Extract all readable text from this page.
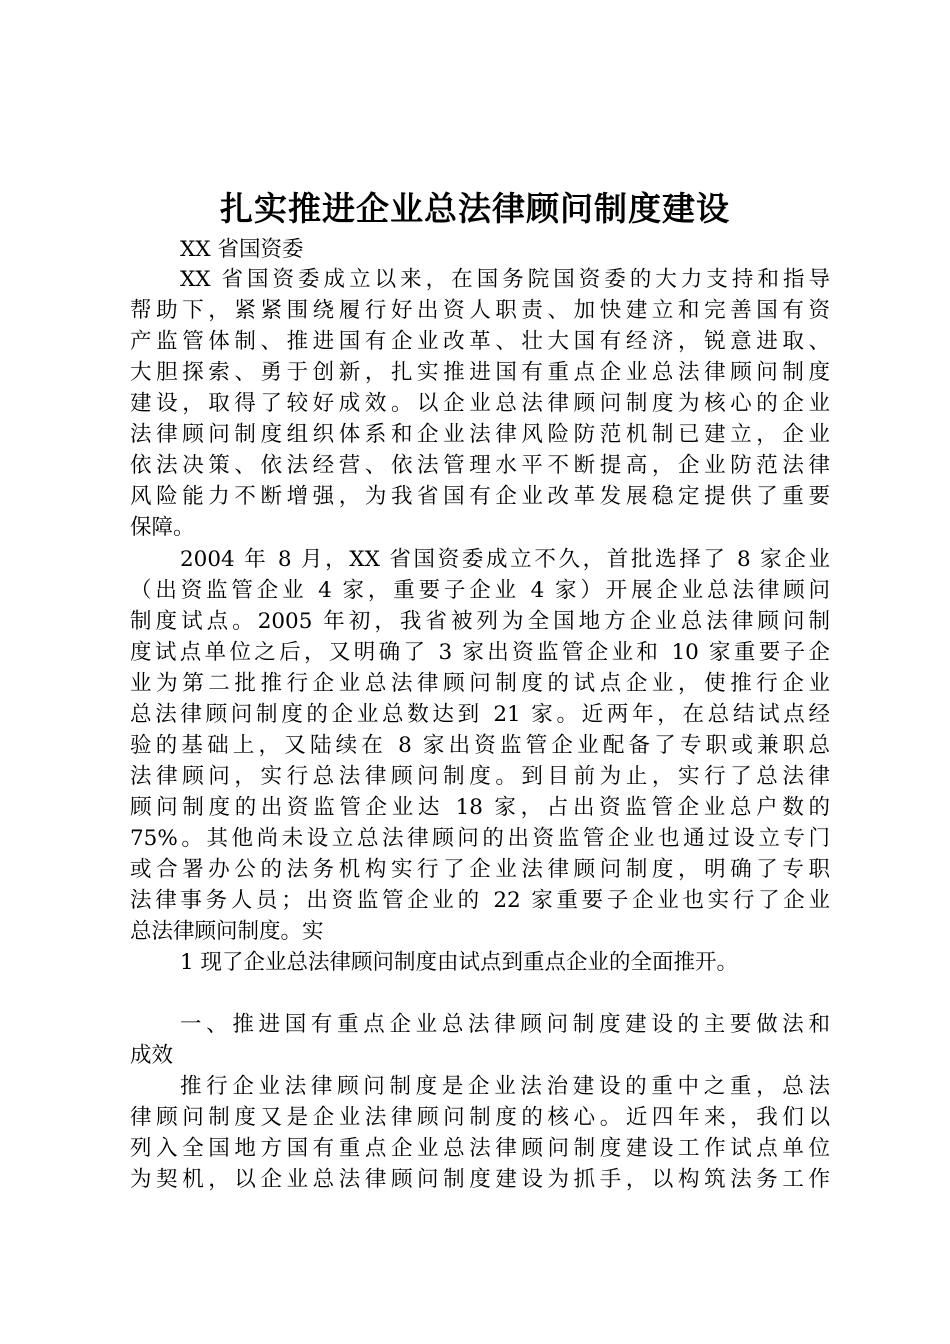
扎实推进企业总法律顾问制度建设
XX 省国资委
XX 省国资委成立以来，在国务院国资委的大力支持和指导
帮助下，紧紧围绕履行好出资人职责、加快建立和完善国有资
产监管体制、推进国有企业改革、壮大国有经济，锐意进取、
大胆探索、勇于创新，扎实推进国有重点企业总法律顾问制度
建设，取得了较好成效。以企业总法律顾问制度为核心的企业
法律顾问制度组织体系和企业法律风险防范机制已建立，企业
依法决策、依法经营、依法管理水平不断提高，企业防范法律
风险能力不断增强，为我省国有企业改革发展稳定提供了重要
保障。
2004 年 8 月，XX 省国资委成立不久，首批选择了 8 家企业
（出资监管企业 4 家，重要子企业 4 家）开展企业总法律顾问
制度试点。2005 年初，我省被列为全国地方企业总法律顾问制
度试点单位之后，又明确了 3 家出资监管企业和 10 家重要子企
业为第二批推行企业总法律顾问制度的试点企业，使推行企业
总法律顾问制度的企业总数达到 21 家。近两年，在总结试点经
验的基础上，又陆续在 8 家出资监管企业配备了专职或兼职总
法律顾问，实行总法律顾问制度。到目前为止，实行了总法律
顾问制度的出资监管企业达 18 家，占出资监管企业总户数的
75%。其他尚未设立总法律顾问的出资监管企业也通过设立专门
或合署办公的法务机构实行了企业法律顾问制度，明确了专职
法律事务人员；出资监管企业的 22 家重要子企业也实行了企业
总法律顾问制度。实
1 现了企业总法律顾问制度由试点到重点企业的全面推开。
一、推进国有重点企业总法律顾问制度建设的主要做法和
成效
推行企业法律顾问制度是企业法治建设的重中之重，总法
律顾问制度又是企业法律顾问制度的核心。近四年来，我们以
列入全国地方国有重点企业总法律顾问制度建设工作试点单位
为契机，以企业总法律顾问制度建设为抓手，以构筑法务工作
